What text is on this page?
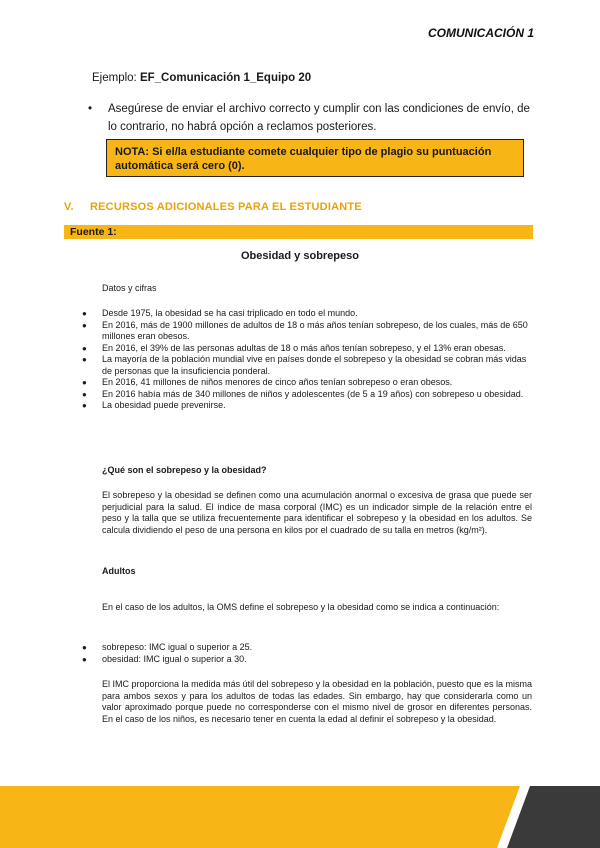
COMUNICACIÓN 1
Ejemplo: EF_Comunicación 1_Equipo 20
• Asegúrese de enviar el archivo correcto y cumplir con las condiciones de envío, de lo contrario, no habrá opción a reclamos posteriores.
NOTA: Si el/la estudiante comete cualquier tipo de plagio su puntuación automática será cero (0).
V. RECURSOS ADICIONALES PARA EL ESTUDIANTE
Fuente 1:
Obesidad y sobrepeso
Datos y cifras
● Desde 1975, la obesidad se ha casi triplicado en todo el mundo.
● En 2016, más de 1900 millones de adultos de 18 o más años tenían sobrepeso, de los cuales, más de 650 millones eran obesos.
● En 2016, el 39% de las personas adultas de 18 o más años tenían sobrepeso, y el 13% eran obesas.
● La mayoría de la población mundial vive en países donde el sobrepeso y la obesidad se cobran más vidas de personas que la insuficiencia ponderal.
● En 2016, 41 millones de niños menores de cinco años tenían sobrepeso o eran obesos.
● En 2016 había más de 340 millones de niños y adolescentes (de 5 a 19 años) con sobrepeso u obesidad.
● La obesidad puede prevenirse.
¿Qué son el sobrepeso y la obesidad?
El sobrepeso y la obesidad se definen como una acumulación anormal o excesiva de grasa que puede ser perjudicial para la salud. El índice de masa corporal (IMC) es un indicador simple de la relación entre el peso y la talla que se utiliza frecuentemente para identificar el sobrepeso y la obesidad en los adultos. Se calcula dividiendo el peso de una persona en kilos por el cuadrado de su talla en metros (kg/m²).
Adultos
En el caso de los adultos, la OMS define el sobrepeso y la obesidad como se indica a continuación:
● sobrepeso: IMC igual o superior a 25.
● obesidad: IMC igual o superior a 30.
El IMC proporciona la medida más útil del sobrepeso y la obesidad en la población, puesto que es la misma para ambos sexos y para los adultos de todas las edades. Sin embargo, hay que considerarla como un valor aproximado porque puede no corresponderse con el mismo nivel de grosor en diferentes personas. En el caso de los niños, es necesario tener en cuenta la edad al definir el sobrepeso y la obesidad.
